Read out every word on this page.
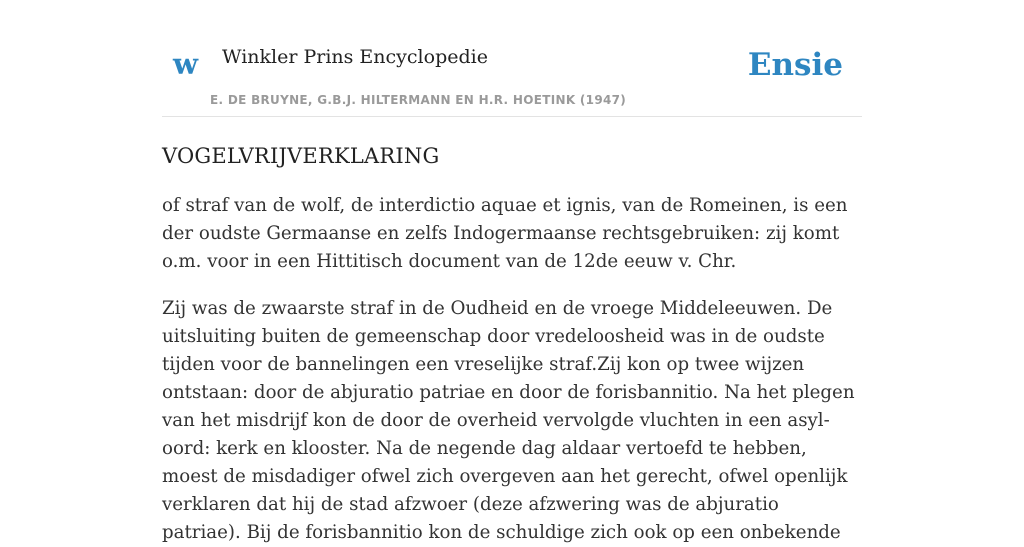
w Winkler Prins Encyclopedie
E. DE BRUYNE, G.B.J. HILTERMANN EN H.R. HOETINK (1947)
Ensie
VOGELVRIJVERKLARING

of straf van de wolf, de interdictio aquae et ignis, van de Romeinen, is een der oudste Germaanse en zelfs Indogermaanse rechtsgebruiken: zij komt o.m. voor in een Hittitisch document van de 12de eeuw v. Chr.

Zij was de zwaarste straf in de Oudheid en de vroege Middeleeuwen. De uitsluiting buiten de gemeenschap door vredeloosheid was in de oudste tijden voor de bannelingen een vreselijke straf.Zij kon op twee wijzen ontstaan: door de abjuratio patriae en door de forisbannitio. Na het plegen van het misdrijf kon de door de overheid vervolgde vluchten in een asyl-oord: kerk en klooster. Na de negende dag aldaar vertoefd te hebben, moest de misdadiger ofwel zich overgeven aan het gerecht, ofwel openlijk verklaren dat hij de stad afzwoer (deze afzwering was de abjuratio patriae). Bij de forisbannitio kon de schuldige zich ook op een onbekende
